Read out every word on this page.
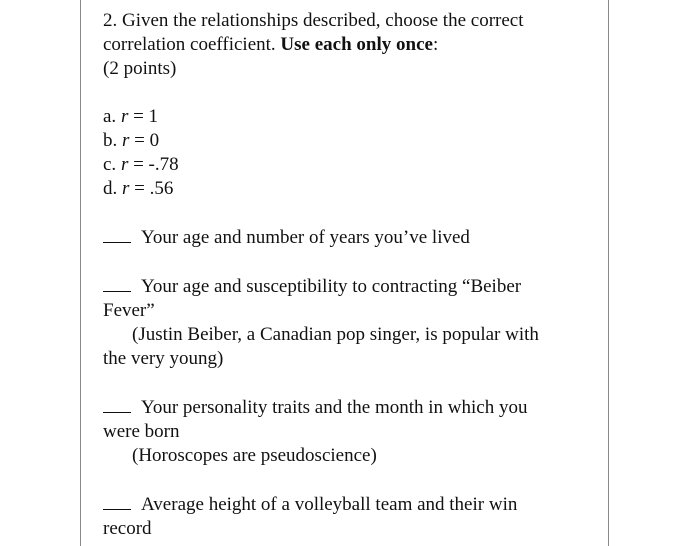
2. Given the relationships described, choose the correct
correlation coefficient. Use each only once:
(2 points)
a. r = 1
b. r = 0
c. r = -.78
d. r = .56
Your age and number of years you’ve lived
Your age and susceptibility to contracting “Beiber
Fever”
(Justin Beiber, a Canadian pop singer, is popular with
the very young)
Your personality traits and the month in which you
were born
(Horoscopes are pseudoscience)
Average height of a volleyball team and their win
record
